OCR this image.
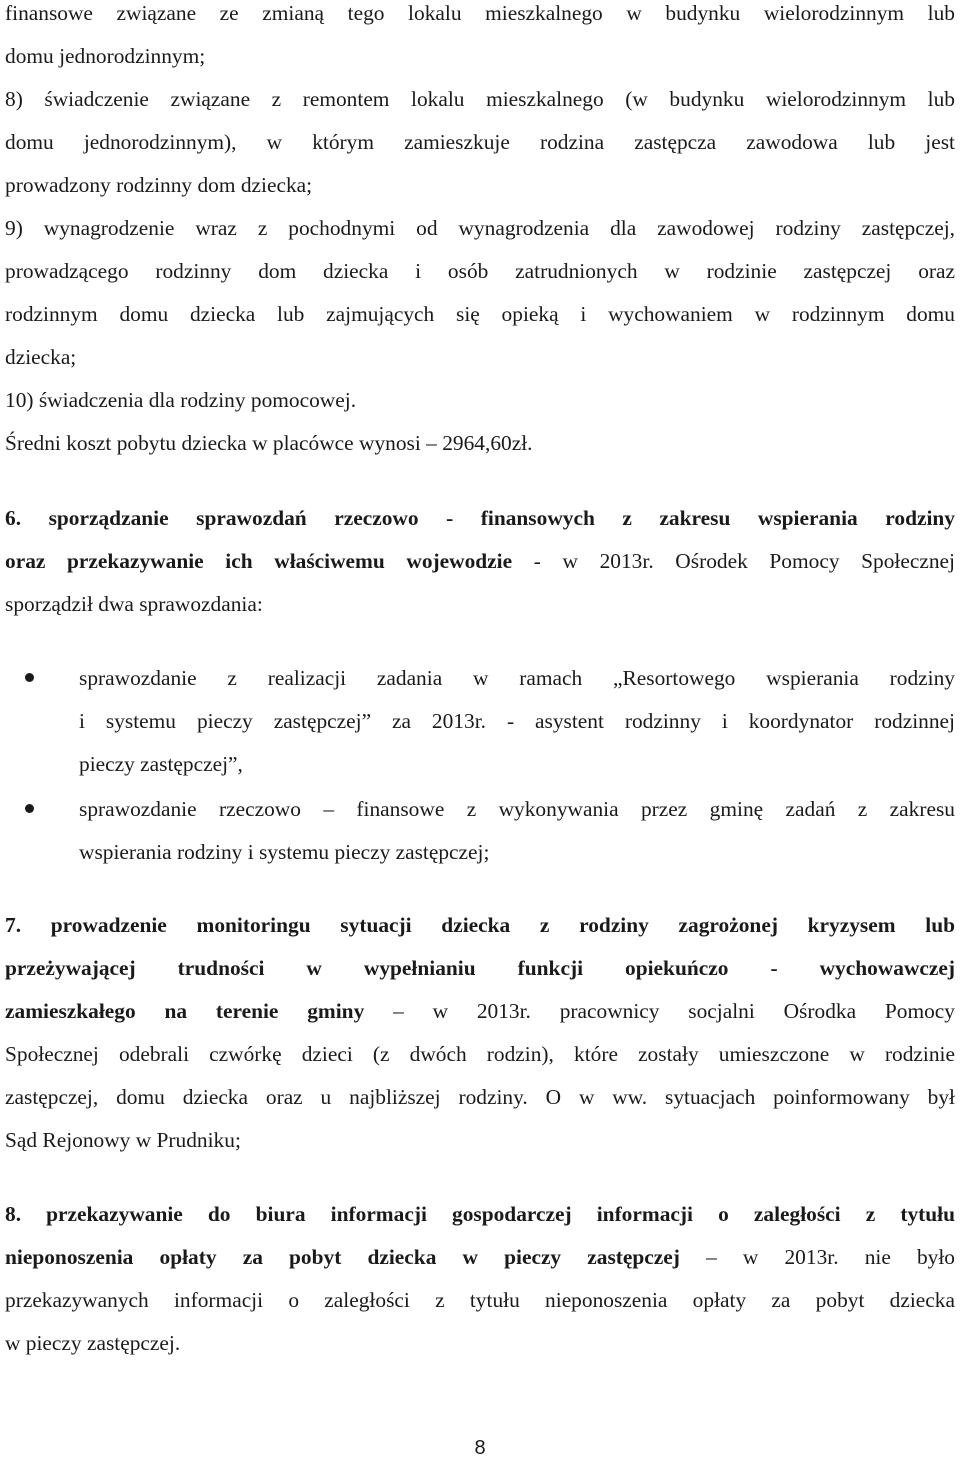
finansowe związane ze zmianą tego lokalu mieszkalnego w budynku wielorodzinnym lub
domu jednorodzinnym;
8) świadczenie związane z remontem lokalu mieszkalnego (w budynku wielorodzinnym lub
domu jednorodzinnym), w którym zamieszkuje rodzina zastępcza zawodowa lub jest
prowadzony rodzinny dom dziecka;
9) wynagrodzenie wraz z pochodnymi od wynagrodzenia dla zawodowej rodziny zastępczej,
prowadzącego rodzinny dom dziecka i osób zatrudnionych w rodzinie zastępczej oraz
rodzinnym domu dziecka lub zajmujących się opieką i wychowaniem w rodzinnym domu
dziecka;
10) świadczenia dla rodziny pomocowej.
Średni koszt pobytu dziecka w placówce wynosi – 2964,60zł.
6. sporządzanie sprawozdań rzeczowo - finansowych z zakresu wspierania rodziny
oraz przekazywanie ich właściwemu wojewodzie - w 2013r. Ośrodek Pomocy Społecznej
sporządził dwa sprawozdania:
sprawozdanie z realizacji zadania w ramach „Resortowego wspierania rodziny
i systemu pieczy zastępczej” za 2013r. - asystent rodzinny i koordynator rodzinnej
pieczy zastępczej”,
sprawozdanie rzeczowo – finansowe z wykonywania przez gminę zadań z zakresu
wspierania rodziny i systemu pieczy zastępczej;
7. prowadzenie monitoringu sytuacji dziecka z rodziny zagrożonej kryzysem lub
przeżywającej trudności w wypełnianiu funkcji opiekuńczo - wychowawczej
zamieszkałego na terenie gminy – w 2013r. pracownicy socjalni Ośrodka Pomocy
Społecznej odebrali czwórkę dzieci (z dwóch rodzin), które zostały umieszczone w rodzinie
zastępczej, domu dziecka oraz u najbliższej rodziny. O w ww. sytuacjach poinformowany był
Sąd Rejonowy w Prudniku;
8. przekazywanie do biura informacji gospodarczej informacji o zaległości z tytułu
nieponoszenia opłaty za pobyt dziecka w pieczy zastępczej – w 2013r. nie było
przekazywanych informacji o zaległości z tytułu nieponoszenia opłaty za pobyt dziecka
w pieczy zastępczej.
8
